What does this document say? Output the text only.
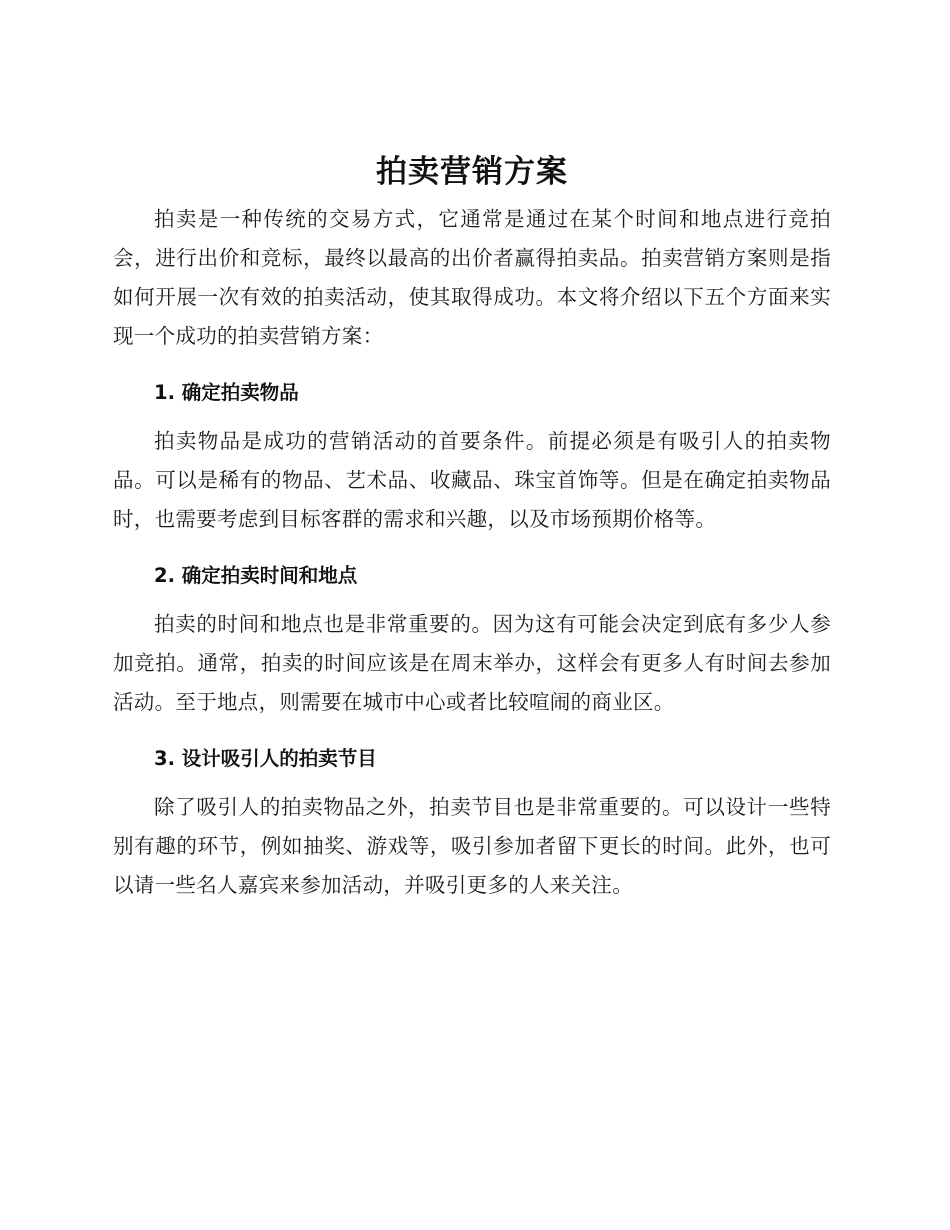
拍卖营销方案

拍卖是一种传统的交易方式，它通常是通过在某个时间和地点进行竞拍会，进行出价和竞标，最终以最高的出价者赢得拍卖品。拍卖营销方案则是指如何开展一次有效的拍卖活动，使其取得成功。本文将介绍以下五个方面来实现一个成功的拍卖营销方案：

1. 确定拍卖物品

拍卖物品是成功的营销活动的首要条件。前提必须是有吸引人的拍卖物品。可以是稀有的物品、艺术品、收藏品、珠宝首饰等。但是在确定拍卖物品时，也需要考虑到目标客群的需求和兴趣，以及市场预期价格等。

2. 确定拍卖时间和地点

拍卖的时间和地点也是非常重要的。因为这有可能会决定到底有多少人参加竞拍。通常，拍卖的时间应该是在周末举办，这样会有更多人有时间去参加活动。至于地点，则需要在城市中心或者比较喧闹的商业区。

3. 设计吸引人的拍卖节目

除了吸引人的拍卖物品之外，拍卖节目也是非常重要的。可以设计一些特别有趣的环节，例如抽奖、游戏等，吸引参加者留下更长的时间。此外，也可以请一些名人嘉宾来参加活动，并吸引更多的人来关注。
